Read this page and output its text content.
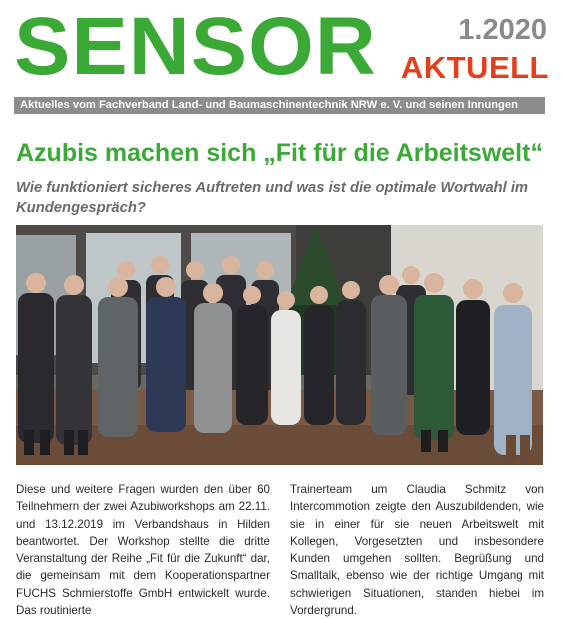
SENSOR	1.2020
AKTUELL
Aktuelles vom Fachverband Land- und Baumaschinentechnik NRW e. V. und seinen Innungen
Azubis machen sich „Fit für die Arbeitswelt“
Wie funktioniert sicheres Auftreten und was ist die optimale Wortwahl im Kundengespräch?
Diese und weitere Fragen wurden den über 60 Teilnehmern der zwei Azubiworkshops am 22.11. und 13.12.2019 im Verbandshaus in Hilden beantwortet. Der Workshop stellte die dritte Veranstaltung der Reihe „Fit für die Zukunft“ dar, die gemeinsam mit dem Kooperationspartner FUCHS Schmierstoffe GmbH entwickelt wurde. Das routinierte
Trainerteam um Claudia Schmitz von Intercommotion zeigte den Auszubildenden, wie sie in einer für sie neuen Arbeitswelt mit Kollegen, Vorgesetzten und insbesondere Kunden umgehen sollten. Begrüßung und Smalltalk, ebenso wie der richtige Umgang mit schwierigen Situationen, standen hiebei im Vordergrund.
